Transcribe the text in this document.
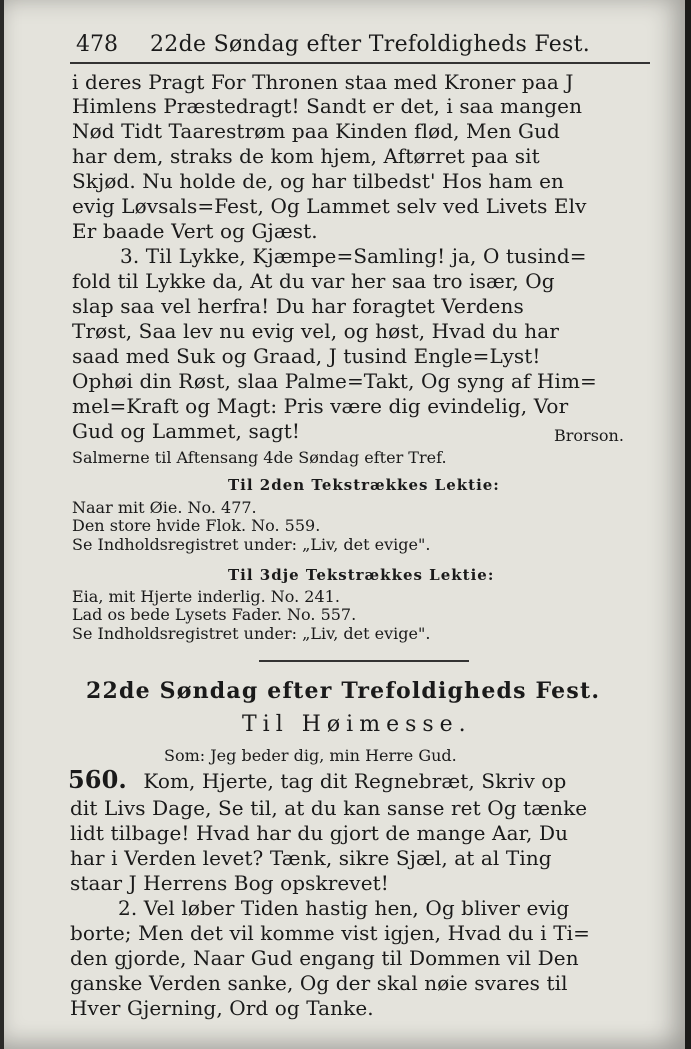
478 22de Søndag efter Trefoldigheds Fest.
i deres Pragt For Thronen staa med Kroner paa J
Himlens Præstedragt! Sandt er det, i saa mangen
Nød Tidt Taarestrøm paa Kinden flød, Men Gud
har dem, straks de kom hjem, Aftørret paa sit
Skjød. Nu holde de, og har tilbedst' Hos ham en
evig Løvsals=Fest, Og Lammet selv ved Livets Elv
Er baade Vert og Gjæst.
3. Til Lykke, Kjæmpe=Samling! ja, O tusind=
fold til Lykke da, At du var her saa tro især, Og
slap saa vel herfra! Du har foragtet Verdens
Trøst, Saa lev nu evig vel, og høst, Hvad du har
saad med Suk og Graad, J tusind Engle=Lyst!
Ophøi din Røst, slaa Palme=Takt, Og syng af Him=
mel=Kraft og Magt: Pris være dig evindelig, Vor
Gud og Lammet, sagt!	Brorson.
Salmerne til Aftensang 4de Søndag efter Tref.
Til 2den Tekstrækkes Lektie:
Naar mit Øie. No. 477.
Den store hvide Flok. No. 559.
Se Indholdsregistret under: „Liv, det evige".
Til 3dje Tekstrækkes Lektie:
Eia, mit Hjerte inderlig. No. 241.
Lad os bede Lysets Fader. No. 557.
Se Indholdsregistret under: „Liv, det evige".
22de Søndag efter Trefoldigheds Fest.
Til Høimesse.
Som: Jeg beder dig, min Herre Gud.
560. Kom, Hjerte, tag dit Regnebræt, Skriv op
dit Livs Dage, Se til, at du kan sanse ret Og tænke
lidt tilbage! Hvad har du gjort de mange Aar, Du
har i Verden levet? Tænk, sikre Sjæl, at al Ting
staar J Herrens Bog opskrevet!
2. Vel løber Tiden hastig hen, Og bliver evig
borte; Men det vil komme vist igjen, Hvad du i Ti=
den gjorde, Naar Gud engang til Dommen vil Den
ganske Verden sanke, Og der skal nøie svares til
Hver Gjerning, Ord og Tanke.
